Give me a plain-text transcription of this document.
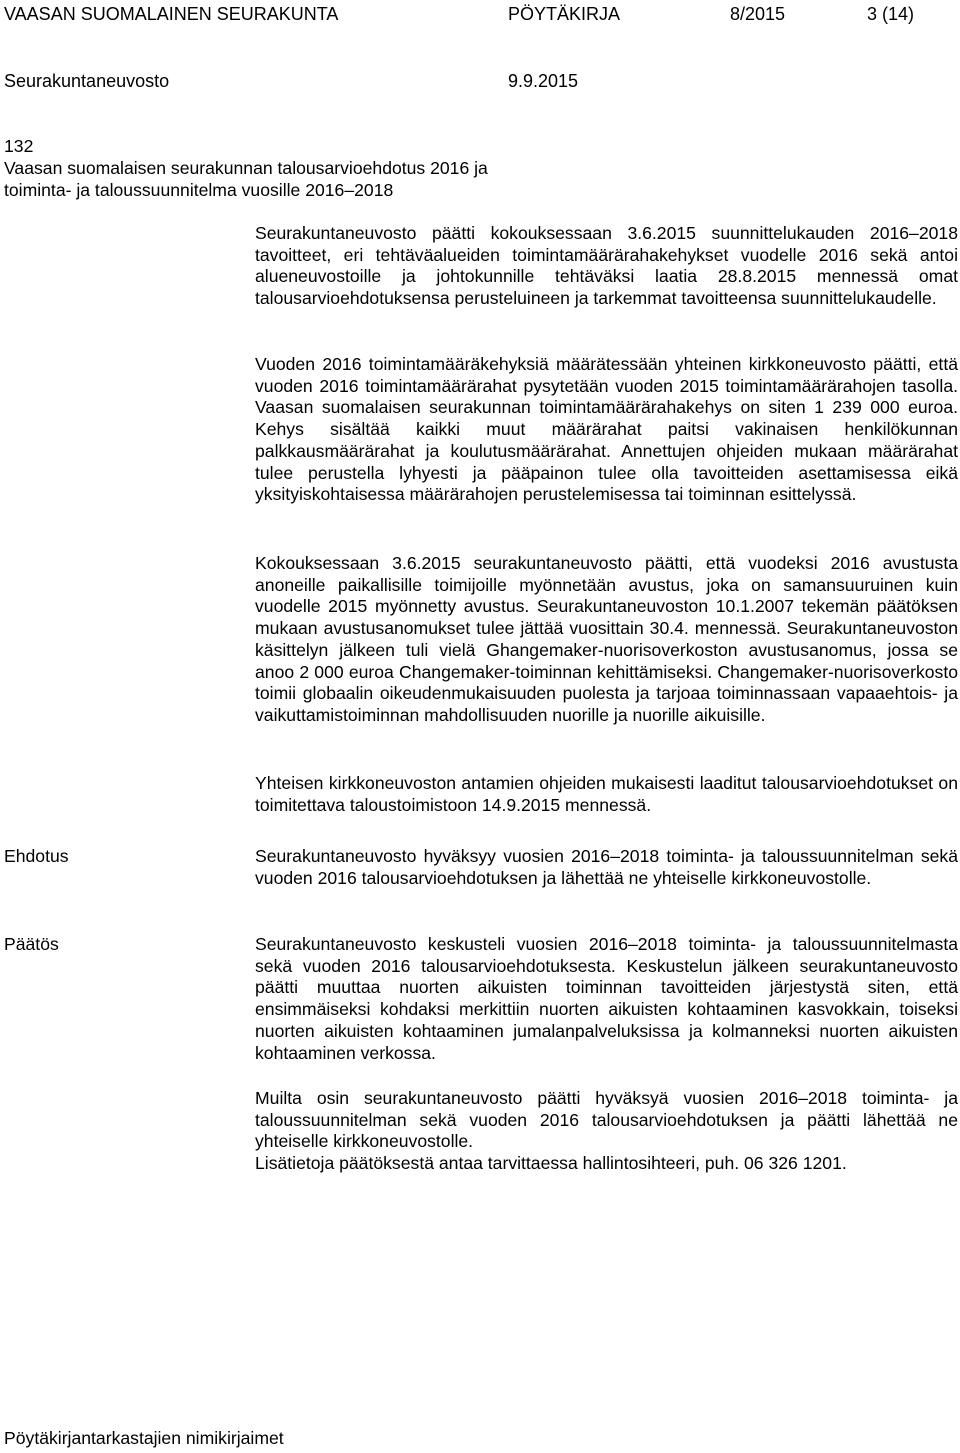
VAASAN SUOMALAINEN SEURAKUNTA	PÖYTÄKIRJA	8/2015	3 (14)
Seurakuntaneuvosto	9.9.2015
132
Vaasan suomalaisen seurakunnan talousarvioehdotus 2016 ja
toiminta- ja taloussuunnitelma vuosille 2016–2018
Seurakuntaneuvosto päätti kokouksessaan 3.6.2015 suunnittelukauden 2016–2018 tavoitteet, eri tehtäväalueiden toimintamäärärahakehykset vuodelle 2016 sekä antoi alueneuvostoille ja johtokunnille tehtäväksi laatia 28.8.2015 mennessä omat talousarvioehdotuksensa perusteluineen ja tarkemmat tavoitteensa suunnittelukaudelle.
Vuoden 2016 toimintamääräkehyksiä määrätessään yhteinen kirkkoneuvosto päätti, että vuoden 2016 toimintamäärärahat pysytetään vuoden 2015 toimintamäärärahojen tasolla. Vaasan suomalaisen seurakunnan toimintamäärärahakehys on siten 1 239 000 euroa. Kehys sisältää kaikki muut määrärahat paitsi vakinaisen henkilökunnan palkkausmäärärahat ja koulutusmäärärahat. Annettujen ohjeiden mukaan määrärahat tulee perustella lyhyesti ja pääpainon tulee olla tavoitteiden asettamisessa eikä yksityiskohtaisessa määrärahojen perustelemisessa tai toiminnan esittelyssä.
Kokouksessaan 3.6.2015 seurakuntaneuvosto päätti, että vuodeksi 2016 avustusta anoneille paikallisille toimijoille myönnetään avustus, joka on samansuuruinen kuin vuodelle 2015 myönnetty avustus. Seurakuntaneuvoston 10.1.2007 tekemän päätöksen mukaan avustusanomukset tulee jättää vuosittain 30.4. mennessä. Seurakuntaneuvoston käsittelyn jälkeen tuli vielä Ghangemaker-nuorisoverkoston avustusanomus, jossa se anoo 2 000 euroa Changemaker-toiminnan kehittämiseksi. Changemaker-nuorisoverkosto toimii globaalin oikeudenmukaisuuden puolesta ja tarjoaa toiminnassaan vapaaehtois- ja vaikuttamistoiminnan mahdollisuuden nuorille ja nuorille aikuisille.
Yhteisen kirkkoneuvoston antamien ohjeiden mukaisesti laaditut talousarvioehdotukset on toimitettava taloustoimistoon 14.9.2015 mennessä.
Ehdotus	Seurakuntaneuvosto hyväksyy vuosien 2016–2018 toiminta- ja taloussuunnitelman sekä vuoden 2016 talousarvioehdotuksen ja lähettää ne yhteiselle kirkkoneuvostolle.
Päätös	Seurakuntaneuvosto keskusteli vuosien 2016–2018 toiminta- ja taloussuunnitelmasta sekä vuoden 2016 talousarvioehdotuksesta. Keskustelun jälkeen seurakuntaneuvosto päätti muuttaa nuorten aikuisten toiminnan tavoitteiden järjestystä siten, että ensimmäiseksi kohdaksi merkittiin nuorten aikuisten kohtaaminen kasvokkain, toiseksi nuorten aikuisten kohtaaminen jumalanpalveluksissa ja kolmanneksi nuorten aikuisten kohtaaminen verkossa.
Muilta osin seurakuntaneuvosto päätti hyväksyä vuosien 2016–2018 toiminta- ja taloussuunnitelman sekä vuoden 2016 talousarvioehdotuksen ja päätti lähettää ne yhteiselle kirkkoneuvostolle.
Lisätietoja päätöksestä antaa tarvittaessa hallintosihteeri, puh. 06 326 1201.
Pöytäkirjantarkastajien nimikirjaimet
